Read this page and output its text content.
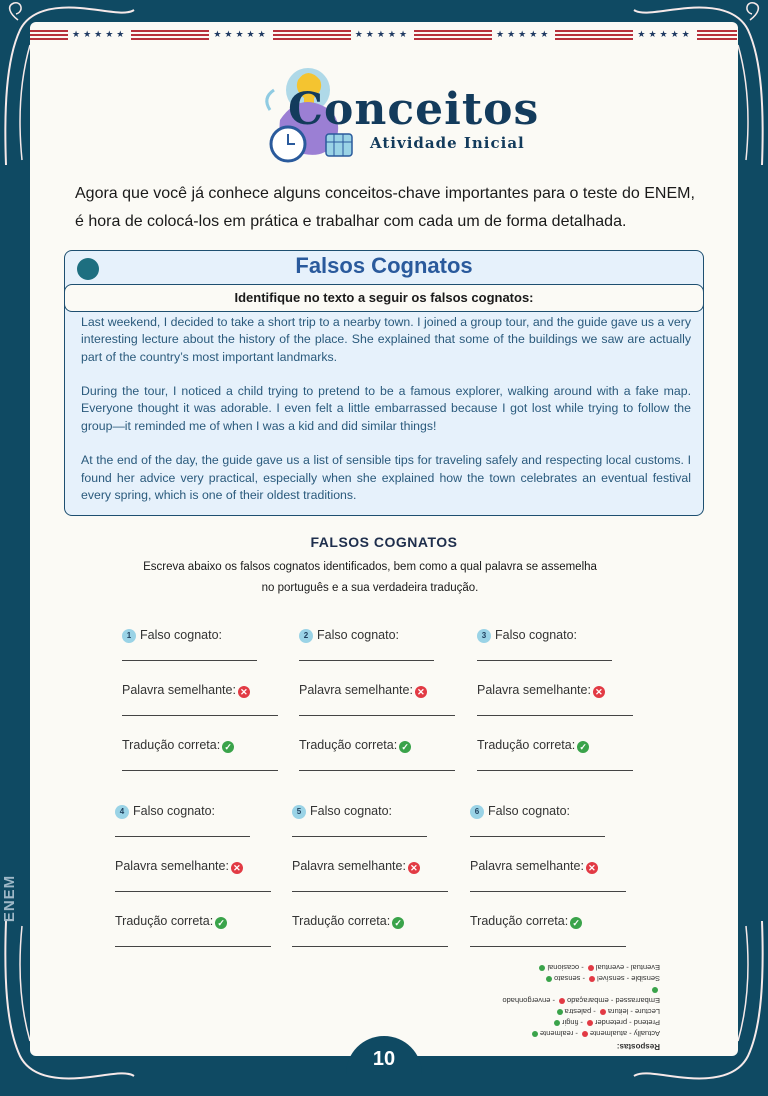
ENEM
★★★★★	★★★★★	★★★★★	★★★★★	★★★★★
Conceitos
Atividade Inicial
Agora que você já conhece alguns conceitos-chave importantes para o teste do ENEM, é hora de colocá-los em prática e trabalhar com cada um de forma detalhada.
Falsos Cognatos
Identifique no texto a seguir os falsos cognatos:

Last weekend, I decided to take a short trip to a nearby town. I joined a group tour, and the guide gave us a very interesting lecture about the history of the place. She explained that some of the buildings we saw are actually part of the country’s most important landmarks.

During the tour, I noticed a child trying to pretend to be a famous explorer, walking around with a fake map. Everyone thought it was adorable. I even felt a little embarrassed because I got lost while trying to follow the group—it reminded me of when I was a kid and did similar things!

At the end of the day, the guide gave us a list of sensible tips for traveling safely and respecting local customs. I found her advice very practical, especially when she explained how the town celebrates an eventual festival every spring, which is one of their oldest traditions.

FALSOS COGNATOS
Escreva abaixo os falsos cognatos identificados, bem como a qual palavra se assemelha no português e a sua verdadeira tradução.
1 Falso cognato:
Palavra semelhante: ✕
Tradução correta: ✓
2 Falso cognato:
Palavra semelhante: ✕
Tradução correta: ✓
3 Falso cognato:
Palavra semelhante: ✕
Tradução correta: ✓
4 Falso cognato:
Palavra semelhante: ✕
Tradução correta: ✓
5 Falso cognato:
Palavra semelhante: ✕
Tradução correta: ✓
6 Falso cognato:
Palavra semelhante: ✕
Tradução correta: ✓
Respostas:
Actually - atualmente - realmente
Pretend - pretender - fingir
Lecture - leitura - palestra
Embarrassed - embaraçado - envergonhado
Sensible - sensível - sensato
Eventual - eventual - ocasional
10
